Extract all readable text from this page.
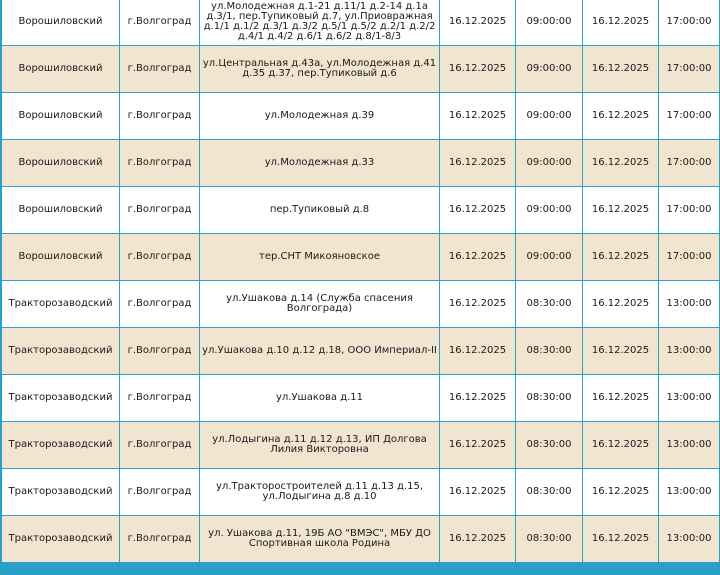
Ворошиловский	г.Волгоград	ул.Молодежная д.1-21 д.11/1 д.2-14 д.1а д.3/1, пер.Тупиковый д.7, ул.Приовражная д.1/1 д.1/2 д.3/1 д.3/2 д.5/1 д.5/2 д.2/1 д.2/2 д.4/1 д.4/2 д.6/1 д.6/2 д.8/1-8/3	16.12.2025	09:00:00	16.12.2025	17:00:00
Ворошиловский	г.Волгоград	ул.Центральная д.43а, ул.Молодежная д.41 д.35 д.37, пер.Тупиковый д.6	16.12.2025	09:00:00	16.12.2025	17:00:00
Ворошиловский	г.Волгоград	ул.Молодежная д.39	16.12.2025	09:00:00	16.12.2025	17:00:00
Ворошиловский	г.Волгоград	ул.Молодежная д.33	16.12.2025	09:00:00	16.12.2025	17:00:00
Ворошиловский	г.Волгоград	пер.Тупиковый д.8	16.12.2025	09:00:00	16.12.2025	17:00:00
Ворошиловский	г.Волгоград	тер.СНТ Микояновское	16.12.2025	09:00:00	16.12.2025	17:00:00
Тракторозаводский	г.Волгоград	ул.Ушакова д.14 (Служба спасения Волгограда)	16.12.2025	08:30:00	16.12.2025	13:00:00
Тракторозаводский	г.Волгоград	ул.Ушакова д.10 д.12 д.18, ООО Империал-II	16.12.2025	08:30:00	16.12.2025	13:00:00
Тракторозаводский	г.Волгоград	ул.Ушакова д.11	16.12.2025	08:30:00	16.12.2025	13:00:00
Тракторозаводский	г.Волгоград	ул.Лодыгина д.11 д.12 д.13, ИП Долгова Лилия Викторовна	16.12.2025	08:30:00	16.12.2025	13:00:00
Тракторозаводский	г.Волгоград	ул.Тракторостроителей д.11 д.13 д.15, ул.Лодыгина д.8 д.10	16.12.2025	08:30:00	16.12.2025	13:00:00
Тракторозаводский	г.Волгоград	ул. Ушакова д.11, 19Б АО "ВМЭС", МБУ ДО Спортивная школа Родина	16.12.2025	08:30:00	16.12.2025	13:00:00
